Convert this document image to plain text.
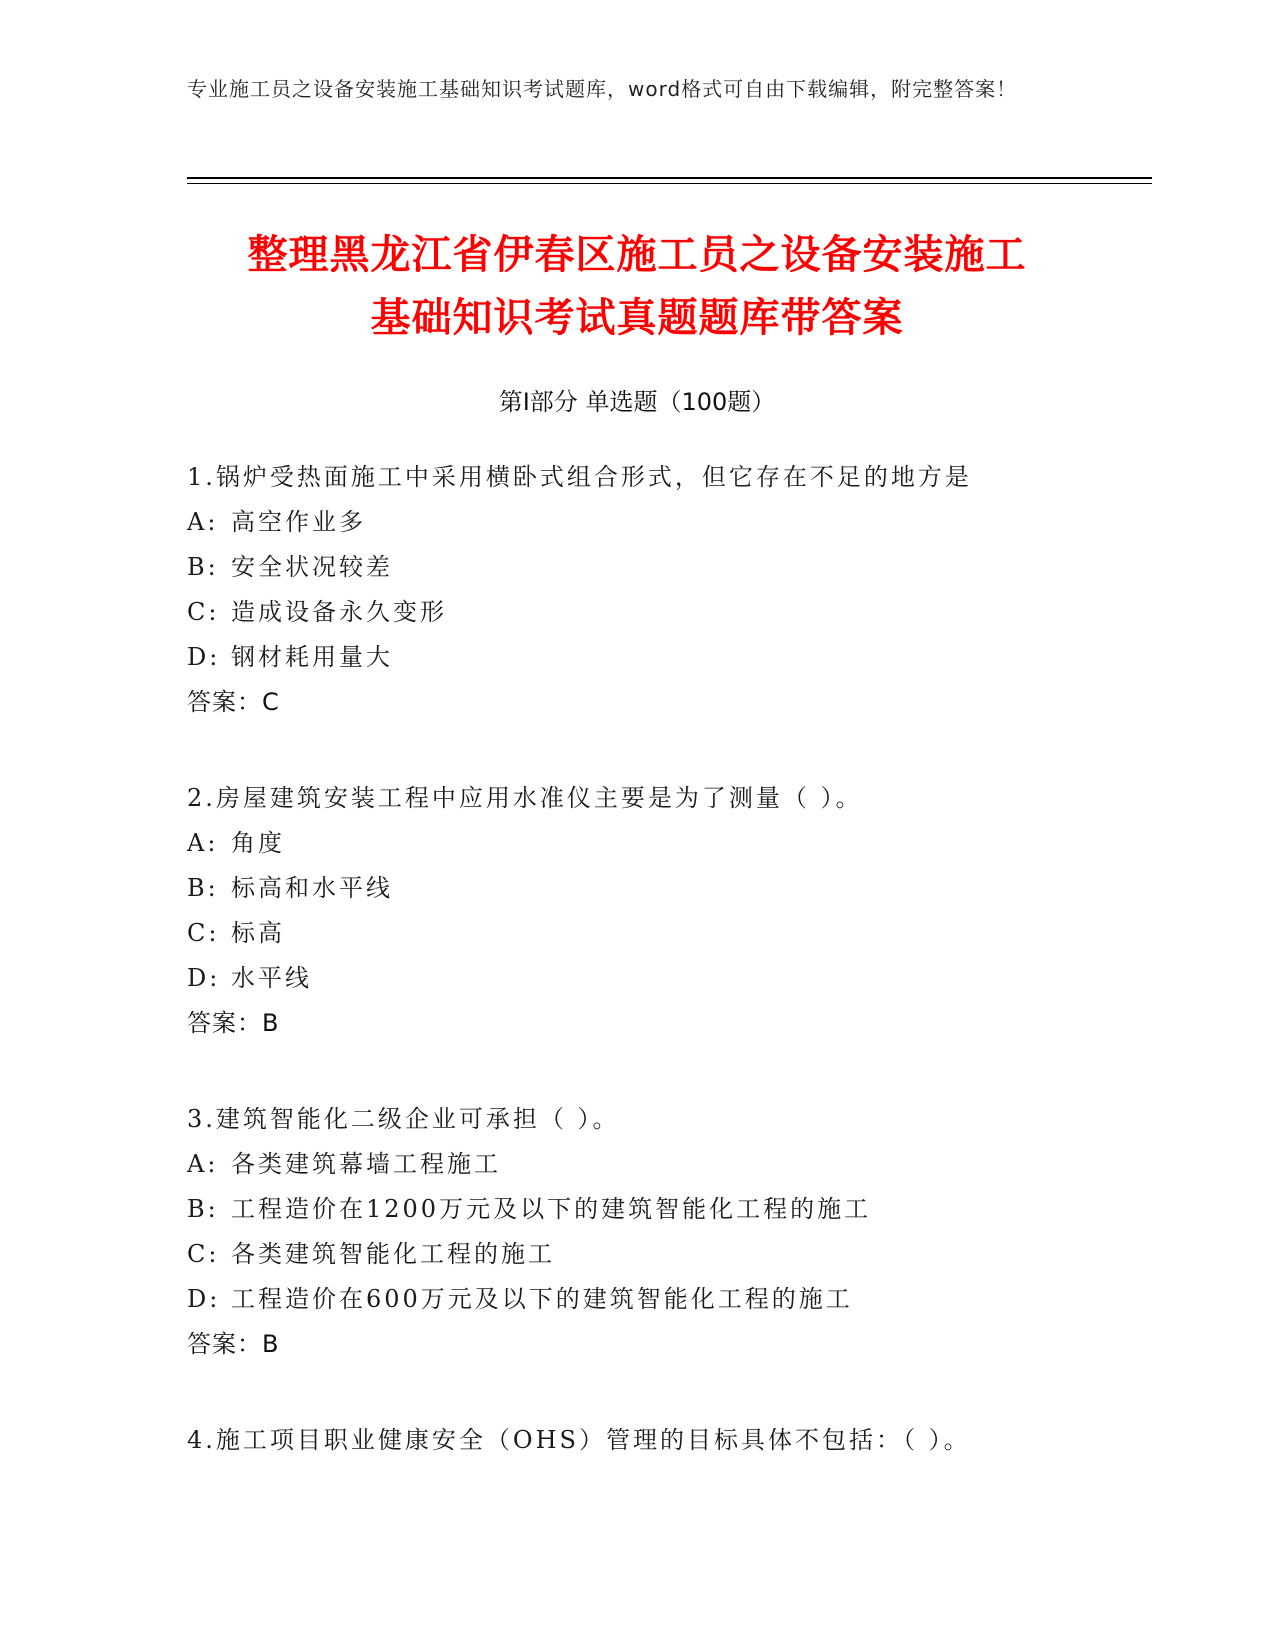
专业施工员之设备安装施工基础知识考试题库，word格式可自由下载编辑，附完整答案！
整理黑龙江省伊春区施工员之设备安装施工
基础知识考试真题题库带答案
第Ⅰ部分 单选题（100题）
1.锅炉受热面施工中采用横卧式组合形式，但它存在不足的地方是
A: 高空作业多
B: 安全状况较差
C: 造成设备永久变形
D: 钢材耗用量大
答案：C
2.房屋建筑安装工程中应用水准仪主要是为了测量（ ）。
A: 角度
B: 标高和水平线
C: 标高
D: 水平线
答案：B
3.建筑智能化二级企业可承担（ ）。
A: 各类建筑幕墙工程施工
B: 工程造价在1200万元及以下的建筑智能化工程的施工
C: 各类建筑智能化工程的施工
D: 工程造价在600万元及以下的建筑智能化工程的施工
答案：B
4.施工项目职业健康安全（OHS）管理的目标具体不包括：（ ）。
